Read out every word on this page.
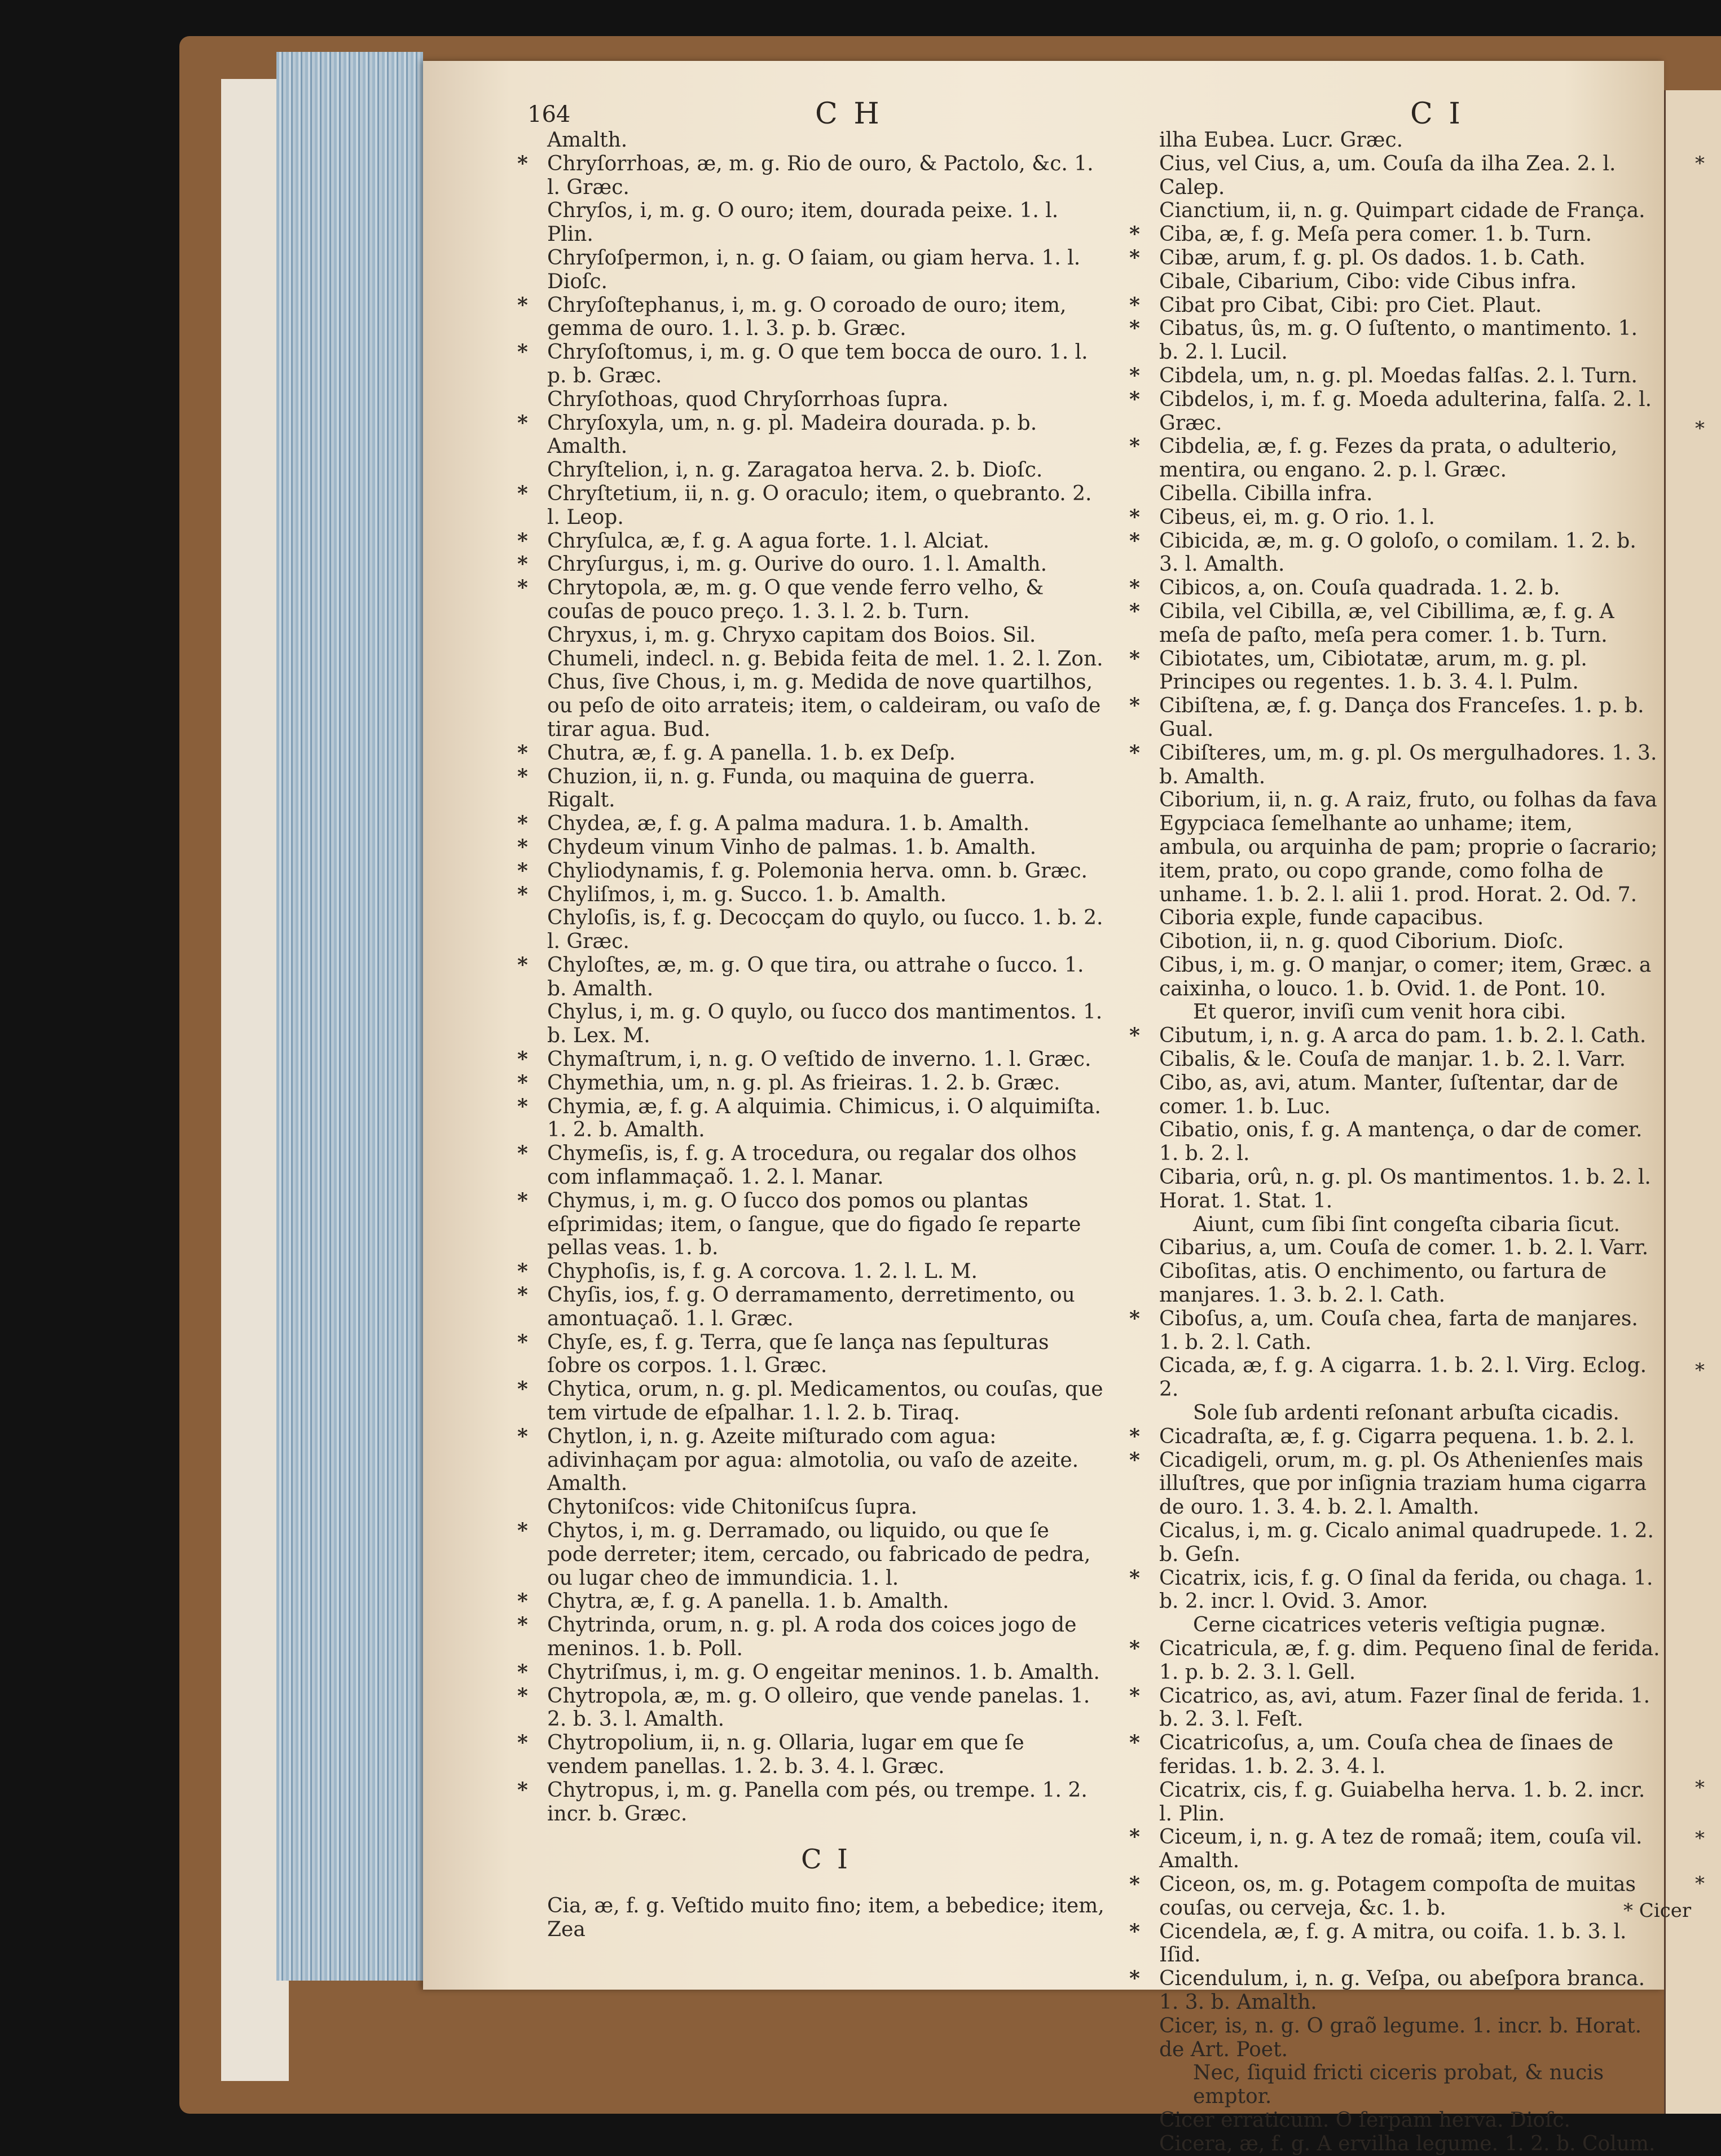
*
*
*
*
*
*
164	C H	C I
Amalth.
* Chryſorrhoas, æ, m. g. Rio de ouro, & Pactolo, &c. 1. l. Græc.
Chryſos, i, m. g. O ouro; item, dourada peixe. 1. l. Plin.
Chryſoſpermon, i, n. g. O ſaiam, ou giam herva. 1. l. Dioſc.
* Chryſoſtephanus, i, m. g. O coroado de ouro; item, gemma de ouro. 1. l. 3. p. b. Græc.
* Chryſoſtomus, i, m. g. O que tem bocca de ouro. 1. l. p. b. Græc.
Chryſothoas, quod Chryſorrhoas ſupra.
* Chryſoxyla, um, n. g. pl. Madeira dourada. p. b. Amalth.
Chryſtelion, i, n. g. Zaragatoa herva. 2. b. Dioſc.
* Chryſtetium, ii, n. g. O oraculo; item, o quebranto. 2. l. Leop.
* Chryſulca, æ, f. g. A agua forte. 1. l. Alciat.
* Chryſurgus, i, m. g. Ourive do ouro. 1. l. Amalth.
* Chrytopola, æ, m. g. O que vende ferro velho, & couſas de pouco preço. 1. 3. l. 2. b. Turn.
Chryxus, i, m. g. Chryxo capitam dos Boios. Sil.
Chumeli, indecl. n. g. Bebida feita de mel. 1. 2. l. Zon.
Chus, ſive Chous, i, m. g. Medida de nove quartilhos, ou peſo de oito arrateis; item, o caldeiram, ou vaſo de tirar agua. Bud.
* Chutra, æ, f. g. A panella. 1. b. ex Deſp.
* Chuzion, ii, n. g. Funda, ou maquina de guerra. Rigalt.
* Chydea, æ, f. g. A palma madura. 1. b. Amalth.
* Chydeum vinum Vinho de palmas. 1. b. Amalth.
* Chyliodynamis, f. g. Polemonia herva. omn. b. Græc.
* Chyliſmos, i, m. g. Succo. 1. b. Amalth.
Chyloſis, is, f. g. Decocçam do quylo, ou ſucco. 1. b. 2. l. Græc.
* Chyloſtes, æ, m. g. O que tira, ou attrahe o ſucco. 1. b. Amalth.
Chylus, i, m. g. O quylo, ou ſucco dos mantimentos. 1. b. Lex. M.
* Chymaſtrum, i, n. g. O veſtido de inverno. 1. l. Græc.
* Chymethia, um, n. g. pl. As frieiras. 1. 2. b. Græc.
* Chymia, æ, f. g. A alquimia. Chimicus, i. O alquimiſta. 1. 2. b. Amalth.
* Chymeſis, is, f. g. A trocedura, ou regalar dos olhos com inflammaçaõ. 1. 2. l. Manar.
* Chymus, i, m. g. O ſucco dos pomos ou plantas eſprimidas; item, o ſangue, que do figado ſe reparte pellas veas. 1. b.
* Chyphoſis, is, f. g. A corcova. 1. 2. l. L. M.
* Chyſis, ios, f. g. O derramamento, derretimento, ou amontuaçaõ. 1. l. Græc.
* Chyſe, es, f. g. Terra, que ſe lança nas ſepulturas ſobre os corpos. 1. l. Græc.
* Chytica, orum, n. g. pl. Medicamentos, ou couſas, que tem virtude de eſpalhar. 1. l. 2. b. Tiraq.
* Chytlon, i, n. g. Azeite miſturado com agua: adivinhaçam por agua: almotolia, ou vaſo de azeite. Amalth.
Chytoniſcos: vide Chitoniſcus ſupra.
* Chytos, i, m. g. Derramado, ou liquido, ou que ſe pode derreter; item, cercado, ou fabricado de pedra, ou lugar cheo de immundicia. 1. l.
* Chytra, æ, f. g. A panella. 1. b. Amalth.
* Chytrinda, orum, n. g. pl. A roda dos coices jogo de meninos. 1. b. Poll.
* Chytriſmus, i, m. g. O engeitar meninos. 1. b. Amalth.
* Chytropola, æ, m. g. O olleiro, que vende panelas. 1. 2. b. 3. l. Amalth.
* Chytropolium, ii, n. g. Ollaria, lugar em que ſe vendem panellas. 1. 2. b. 3. 4. l. Græc.
* Chytropus, i, m. g. Panella com pés, ou trempe. 1. 2. incr. b. Græc.
C I
Cia, æ, f. g. Veſtido muito fino; item, a bebedice; item, Zea
ilha Eubea. Lucr. Græc.
Cius, vel Cius, a, um. Couſa da ilha Zea. 2. l. Calep.
Cianctium, ii, n. g. Quimpart cidade de França.
* Ciba, æ, f. g. Meſa pera comer. 1. b. Turn.
* Cibæ, arum, f. g. pl. Os dados. 1. b. Cath.
Cibale, Cibarium, Cibo: vide Cibus infra.
* Cibat pro Cibat, Cibi: pro Ciet. Plaut.
* Cibatus, ûs, m. g. O ſuſtento, o mantimento. 1. b. 2. l. Lucil.
* Cibdela, um, n. g. pl. Moedas falſas. 2. l. Turn.
* Cibdelos, i, m. f. g. Moeda adulterina, falſa. 2. l. Græc.
* Cibdelia, æ, f. g. Fezes da prata, o adulterio, mentira, ou engano. 2. p. l. Græc.
Cibella. Cibilla infra.
* Cibeus, ei, m. g. O rio. 1. l.
* Cibicida, æ, m. g. O goloſo, o comilam. 1. 2. b. 3. l. Amalth.
* Cibicos, a, on. Couſa quadrada. 1. 2. b.
* Cibila, vel Cibilla, æ, vel Cibillima, æ, f. g. A meſa de paſto, meſa pera comer. 1. b. Turn.
* Cibiotates, um, Cibiotatæ, arum, m. g. pl. Principes ou regentes. 1. b. 3. 4. l. Pulm.
* Cibiſtena, æ, f. g. Dança dos Franceſes. 1. p. b. Gual.
* Cibiſteres, um, m. g. pl. Os mergulhadores. 1. 3. b. Amalth.
Ciborium, ii, n. g. A raiz, fruto, ou folhas da fava Egypciaca ſemelhante ao unhame; item, ambula, ou arquinha de pam; proprie o ſacrario; item, prato, ou copo grande, como folha de unhame. 1. b. 2. l. alii 1. prod. Horat. 2. Od. 7. Ciboria exple, funde capacibus.
Cibotion, ii, n. g. quod Ciborium. Dioſc.
Cibus, i, m. g. O manjar, o comer; item, Græc. a caixinha, o louco. 1. b. Ovid. 1. de Pont. 10.
Et queror, inviſi cum venit hora cibi.
* Cibutum, i, n. g. A arca do pam. 1. b. 2. l. Cath.
Cibalis, & le. Couſa de manjar. 1. b. 2. l. Varr.
Cibo, as, avi, atum. Manter, ſuſtentar, dar de comer. 1. b. Luc.
Cibatio, onis, f. g. A mantença, o dar de comer. 1. b. 2. l.
Cibaria, orû, n. g. pl. Os mantimentos. 1. b. 2. l. Horat. 1. Stat. 1.
Aiunt, cum ſibi ſint congeſta cibaria ſicut.
Cibarius, a, um. Couſa de comer. 1. b. 2. l. Varr.
Ciboſitas, atis. O enchimento, ou fartura de manjares. 1. 3. b. 2. l. Cath.
* Ciboſus, a, um. Couſa chea, farta de manjares. 1. b. 2. l. Cath.
Cicada, æ, f. g. A cigarra. 1. b. 2. l. Virg. Eclog. 2.
Sole ſub ardenti reſonant arbuſta cicadis.
* Cicadraſta, æ, f. g. Cigarra pequena. 1. b. 2. l.
* Cicadigeli, orum, m. g. pl. Os Athenienſes mais illuſtres, que por inſignia traziam huma cigarra de ouro. 1. 3. 4. b. 2. l. Amalth.
Cicalus, i, m. g. Cicalo animal quadrupede. 1. 2. b. Geſn.
* Cicatrix, icis, f. g. O ſinal da ferida, ou chaga. 1. b. 2. incr. l. Ovid. 3. Amor.
Cerne cicatrices veteris veſtigia pugnæ.
* Cicatricula, æ, f. g. dim. Pequeno ſinal de ferida. 1. p. b. 2. 3. l. Gell.
* Cicatrico, as, avi, atum. Fazer ſinal de ferida. 1. b. 2. 3. l. Feſt.
* Cicatricoſus, a, um. Couſa chea de ſinaes de feridas. 1. b. 2. 3. 4. l.
Cicatrix, cis, f. g. Guiabelha herva. 1. b. 2. incr. l. Plin.
* Ciceum, i, n. g. A tez de romaã; item, couſa vil. Amalth.
* Ciceon, os, m. g. Potagem compoſta de muitas couſas, ou cerveja, &c. 1. b.
* Cicendela, æ, f. g. A mitra, ou coifa. 1. b. 3. l. Iſid.
* Cicendulum, i, n. g. Veſpa, ou abeſpora branca. 1. 3. b. Amalth.
Cicer, is, n. g. O graõ legume. 1. incr. b. Horat. de Art. Poet.
Nec, ſiquid fricti ciceris probat, & nucis emptor.
Cicer erraticum. O ſerpam herva. Dioſc.
Cicera, æ, f. g. A ervilha legume. 1. 2. b. Colum.
* Cicer
